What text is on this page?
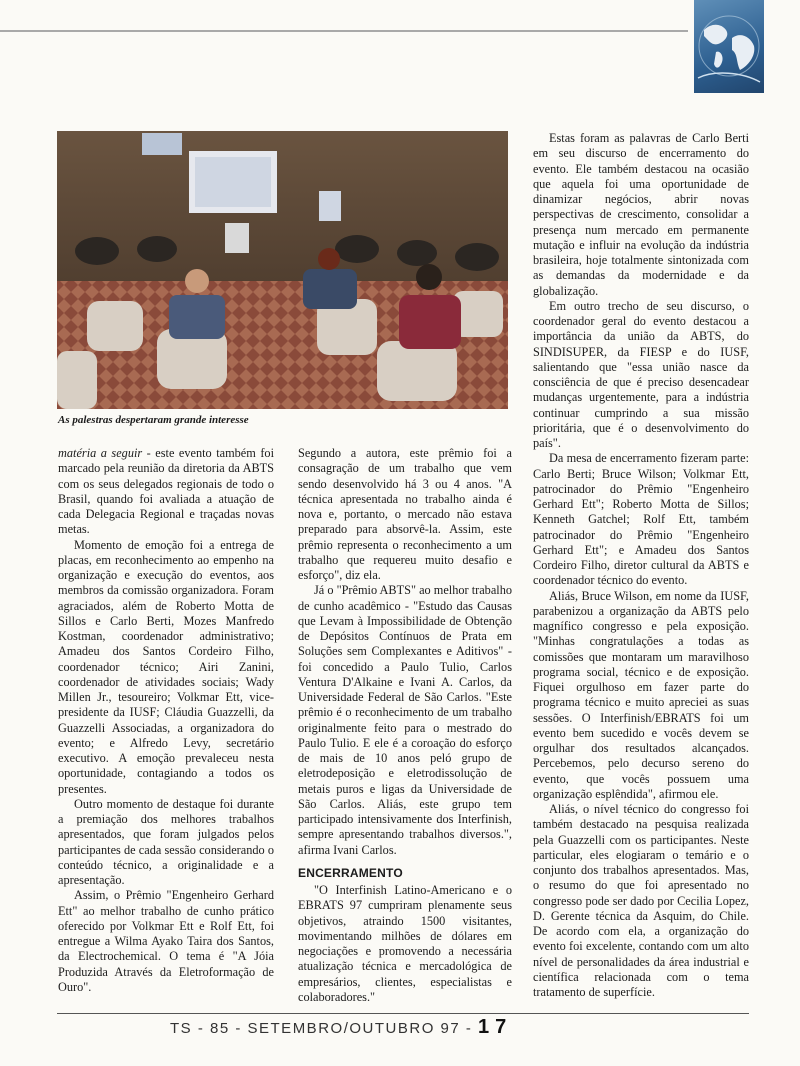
As palestras despertaram grande interesse

matéria a seguir - este evento também foi marcado pela reunião da diretoria da ABTS com os seus delegados regionais de todo o Brasil, quando foi avaliada a atuação de cada Delegacia Regional e traçadas novas metas.

Momento de emoção foi a entrega de placas, em reconhecimento ao empenho na organização e execução do eventos, aos membros da comissão organizadora. Foram agraciados, além de Roberto Motta de Sillos e Carlo Berti, Mozes Manfredo Kostman, coordenador administrativo; Amadeu dos Santos Cordeiro Filho, coordenador técnico; Airi Zanini, coordenador de atividades sociais; Wady Millen Jr., tesoureiro; Volkmar Ett, vice-presidente da IUSF; Cláudia Guazzelli, da Guazzelli Associadas, a organizadora do evento; e Alfredo Levy, secretário executivo. A emoção prevaleceu nesta oportunidade, contagiando a todos os presentes.

Outro momento de destaque foi durante a premiação dos melhores trabalhos apresentados, que foram julgados pelos participantes de cada sessão considerando o conteúdo técnico, a originalidade e a apresentação.

Assim, o Prêmio "Engenheiro Gerhard Ett" ao melhor trabalho de cunho prático oferecido por Volkmar Ett e Rolf Ett, foi entregue a Wilma Ayako Taira dos Santos, da Electrochemical. O tema é "A Jóia Produzida Através da Eletroformação de Ouro".

Segundo a autora, este prêmio foi a consagração de um trabalho que vem sendo desenvolvido há 3 ou 4 anos. "A técnica apresentada no trabalho ainda é nova e, portanto, o mercado não estava preparado para absorvê-la. Assim, este prêmio representa o reconhecimento a um trabalho que requereu muito desafio e esforço", diz ela.

Já o "Prêmio ABTS" ao melhor trabalho de cunho acadêmico - "Estudo das Causas que Levam à Impossibilidade de Obtenção de Depósitos Contínuos de Prata em Soluções sem Complexantes e Aditivos" - foi concedido a Paulo Tulio, Carlos Ventura D'Alkaine e Ivani A. Carlos, da Universidade Federal de São Carlos. "Este prêmio é o reconhecimento de um trabalho originalmente feito para o mestrado do Paulo Tulio. E ele é a coroação do esforço de mais de 10 anos peló grupo de eletrodeposição e eletrodissolução de metais puros e ligas da Universidade de São Carlos. Aliás, este grupo tem participado intensivamente dos Interfinish, sempre apresentando trabalhos diversos.", afirma Ivani Carlos.

ENCERRAMENTO

"O Interfinish Latino-Americano e o EBRATS 97 cumpriram plenamente seus objetivos, atraindo 1500 visitantes, movimentando milhões de dólares em negociações e promovendo a necessária atualização técnica e mercadológica de empresários, clientes, especialistas e colaboradores."

Estas foram as palavras de Carlo Berti em seu discurso de encerramento do evento. Ele também destacou na ocasião que aquela foi uma oportunidade de dinamizar negócios, abrir novas perspectivas de crescimento, consolidar a presença num mercado em permanente mutação e influir na evolução da indústria brasileira, hoje totalmente sintonizada com as demandas da modernidade e da globalização.

Em outro trecho de seu discurso, o coordenador geral do evento destacou a importância da união da ABTS, do SINDISUPER, da FIESP e do IUSF, salientando que "essa união nasce da consciência de que é preciso desencadear mudanças urgentemente, para a indústria continuar cumprindo a sua missão prioritária, que é o desenvolvimento do país".

Da mesa de encerramento fizeram parte: Carlo Berti; Bruce Wilson; Volkmar Ett, patrocinador do Prêmio "Engenheiro Gerhard Ett"; Roberto Motta de Sillos; Kenneth Gatchel; Rolf Ett, também patrocinador do Prêmio "Engenheiro Gerhard Ett"; e Amadeu dos Santos Cordeiro Filho, diretor cultural da ABTS e coordenador técnico do evento.

Aliás, Bruce Wilson, em nome da IUSF, parabenizou a organização da ABTS pelo magnífico congresso e pela exposição. "Minhas congratulações a todas as comissões que montaram um maravilhoso programa social, técnico e de exposição. Fiquei orgulhoso em fazer parte do programa técnico e muito apreciei as suas sessões. O Interfinish/EBRATS foi um evento bem sucedido e vocês devem se orgulhar dos resultados alcançados. Percebemos, pelo decurso sereno do evento, que vocês possuem uma organização esplêndida", afirmou ele.

Aliás, o nível técnico do congresso foi também destacado na pesquisa realizada pela Guazzelli com os participantes. Neste particular, eles elogiaram o temário e o conjunto dos trabalhos apresentados. Mas, o resumo do que foi apresentado no congresso pode ser dado por Cecilia Lopez, D. Gerente técnica da Asquim, do Chile. De acordo com ela, a organização do evento foi excelente, contando com um alto nível de personalidades da área industrial e científica relacionada com o tema tratamento de superfície.

TS - 85 - SETEMBRO/OUTUBRO 97 - 17
